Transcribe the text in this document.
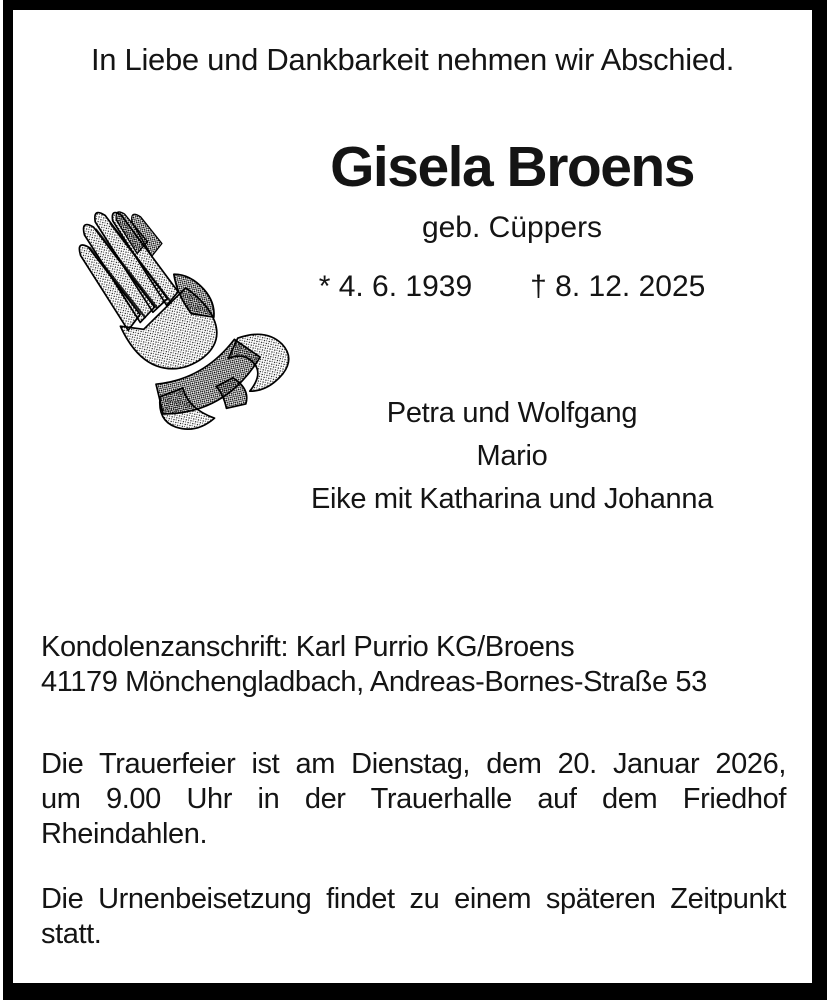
In Liebe und Dankbarkeit nehmen wir Abschied.
Gisela Broens
geb. Cüppers
* 4. 6. 1939 † 8. 12. 2025
Petra und Wolfgang
Mario
Eike mit Katharina und Johanna
Kondolenzanschrift: Karl Purrio KG/Broens
41179 Mönchengladbach, Andreas-Bornes-Straße 53
Die Trauerfeier ist am Dienstag, dem 20. Januar 2026,
um 9.00 Uhr in der Trauerhalle auf dem Friedhof
Rheindahlen.
Die Urnenbeisetzung findet zu einem späteren Zeitpunkt
statt.
